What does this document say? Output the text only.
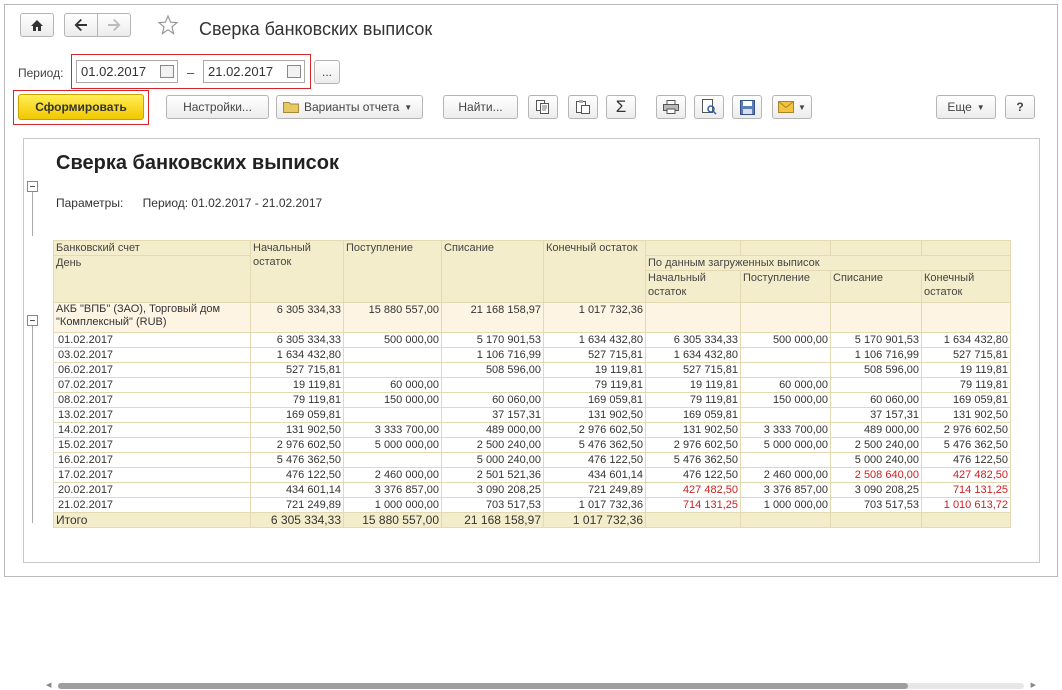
Сверка банковских выписок
Период: 01.02.2017	– 21.02.2017	...
Сформировать	Настройки...	Варианты отчета ▼	Найти...	Σ	▼	Еще ▼	?
Сверка банковских выписок
Параметры: Период: 01.02.2017 - 21.02.2017
Банковский счет	Начальный остаток	Поступление	Списание	Конечный остаток				
День					По данным загруженных выписок			
					Начальный остаток	Поступление	Списание	Конечный остаток

АКБ "ВПБ" (ЗАО), Торговый дом "Комплексный" (RUB)	6 305 334,33	15 880 557,00	21 168 158,97	1 017 732,36				
01.02.2017	6 305 334,33	500 000,00	5 170 901,53	1 634 432,80	6 305 334,33	500 000,00	5 170 901,53	1 634 432,80
03.02.2017	1 634 432,80		1 106 716,99	527 715,81	1 634 432,80		1 106 716,99	527 715,81
06.02.2017	527 715,81		508 596,00	19 119,81	527 715,81		508 596,00	19 119,81
07.02.2017	19 119,81	60 000,00		79 119,81	19 119,81	60 000,00		79 119,81
08.02.2017	79 119,81	150 000,00	60 060,00	169 059,81	79 119,81	150 000,00	60 060,00	169 059,81
13.02.2017	169 059,81		37 157,31	131 902,50	169 059,81		37 157,31	131 902,50
14.02.2017	131 902,50	3 333 700,00	489 000,00	2 976 602,50	131 902,50	3 333 700,00	489 000,00	2 976 602,50
15.02.2017	2 976 602,50	5 000 000,00	2 500 240,00	5 476 362,50	2 976 602,50	5 000 000,00	2 500 240,00	5 476 362,50
16.02.2017	5 476 362,50		5 000 240,00	476 122,50	5 476 362,50		5 000 240,00	476 122,50
17.02.2017	476 122,50	2 460 000,00	2 501 521,36	434 601,14	476 122,50	2 460 000,00	2 508 640,00	427 482,50
20.02.2017	434 601,14	3 376 857,00	3 090 208,25	721 249,89	427 482,50	3 376 857,00	3 090 208,25	714 131,25
21.02.2017	721 249,89	1 000 000,00	703 517,53	1 017 732,36	714 131,25	1 000 000,00	703 517,53	1 010 613,72
Итого	6 305 334,33	15 880 557,00	21 168 158,97	1 017 732,36				
◀	▶
